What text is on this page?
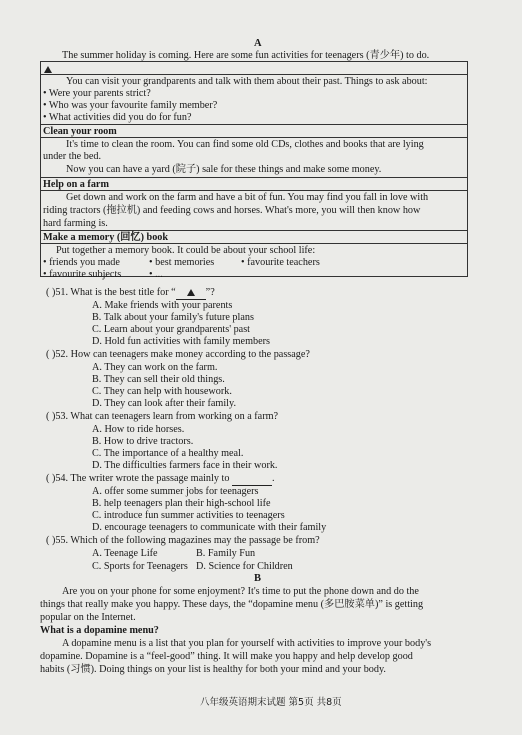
A
The summer holiday is coming. Here are some fun activities for teenagers (青少年) to do.
You can visit your grandparents and talk with them about their past. Things to ask about:
• Were your parents strict?
• Who was your favourite family member?
• What activities did you do for fun?
Clean your room
It's time to clean the room. You can find some old CDs, clothes and books that are lying
under the bed.
Now you can have a yard (院子) sale for these things and make some money.
Help on a farm
Get down and work on the farm and have a bit of fun. You may find you fall in love with
riding tractors (拖拉机) and feeding cows and horses. What's more, you will then know how
hard farming is.
Make a memory (回忆) book
Put together a memory book. It could be about your school life:
• friends you made	• best memories	• favourite teachers
• favourite subjects	• ...
( )51. What is the best title for “	”?
A. Make friends with your parents
B. Talk about your family's future plans
C. Learn about your grandparents' past
D. Hold fun activities with family members
( )52. How can teenagers make money according to the passage?
A. They can work on the farm.
B. They can sell their old things.
C. They can help with housework.
D. They can look after their family.
( )53. What can teenagers learn from working on a farm?
A. How to ride horses.
B. How to drive tractors.
C. The importance of a healthy meal.
D. The difficulties farmers face in their work.
( )54. The writer wrote the passage mainly to	.
A. offer some summer jobs for teenagers
B. help teenagers plan their high-school life
C. introduce fun summer activities to teenagers
D. encourage teenagers to communicate with their family
( )55. Which of the following magazines may the passage be from?
A. Teenage Life	B. Family Fun
C. Sports for Teenagers D. Science for Children
B
Are you on your phone for some enjoyment? It's time to put the phone down and do the
things that really make you happy. These days, the “dopamine menu (多巴胺菜单)” is getting
popular on the Internet.
What is a dopamine menu?
A dopamine menu is a list that you plan for yourself with activities to improve your body's
dopamine. Dopamine is a “feel-good” thing. It will make you happy and help develop good
habits (习惯). Doing things on your list is healthy for both your mind and your body.
八年级英语期末试题 第5页 共8页
